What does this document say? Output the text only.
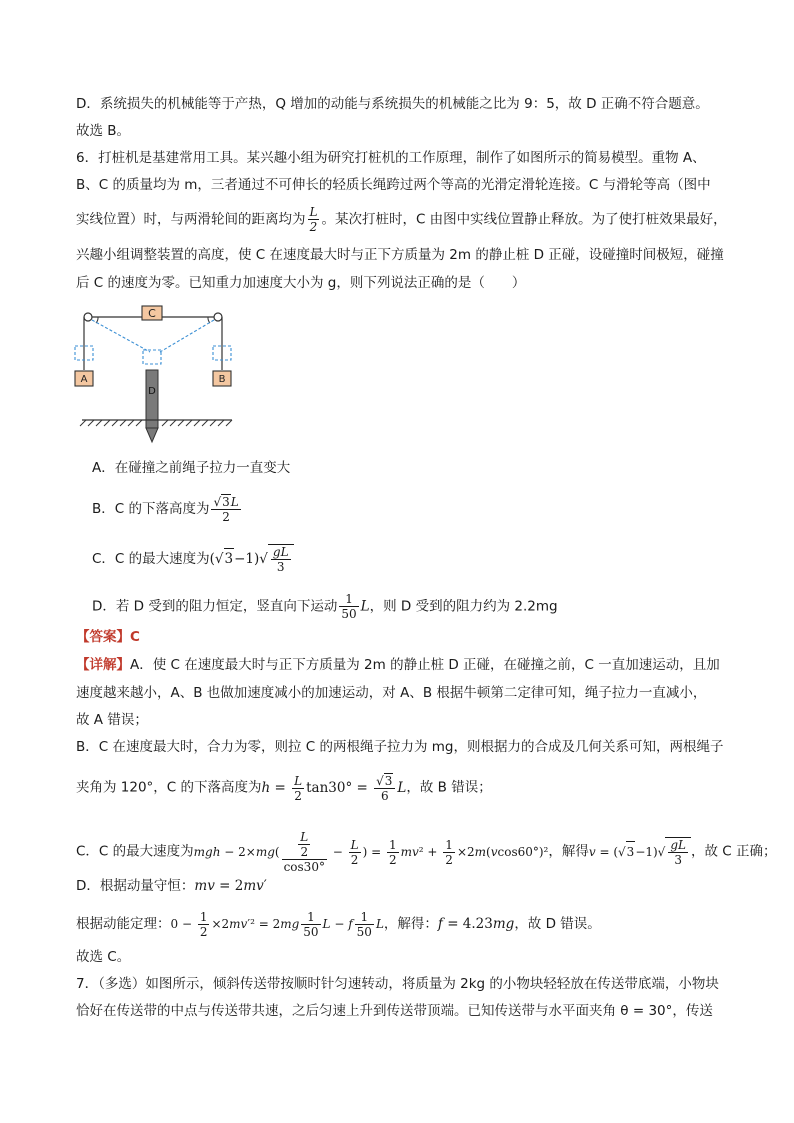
D．系统损失的机械能等于产热，Q 增加的动能与系统损失的机械能之比为 9：5，故 D 正确不符合题意。
故选 B。
6．打桩机是基建常用工具。某兴趣小组为研究打桩机的工作原理，制作了如图所示的简易模型。重物 A、
B、C 的质量均为 m，三者通过不可伸长的轻质长绳跨过两个等高的光滑定滑轮连接。C 与滑轮等高（图中
实线位置）时，与两滑轮间的距离均为 $\frac{L}{2}$ 。某次打桩时，C 由图中实线位置静止释放。为了使打桩效果最好，
兴趣小组调整装置的高度，使 C 在速度最大时与正下方质量为 2m 的静止桩 D 正碰，设碰撞时间极短，碰撞
后 C 的速度为零。已知重力加速度大小为 g，则下列说法正确的是（　　）
C
A	B
D
A．在碰撞之前绳子拉力一直变大
B．C 的下落高度为 $\frac{√3L}{2}$
C．C 的最大速度为$(√3-1)√ \frac{gL}{3}$
D．若 D 受到的阻力恒定，竖直向下运动 $\frac{1}{50}$ L，则 D 受到的阻力约为 2.2mg
【答案】C
【详解】A．使 C 在速度最大时与正下方质量为 2m 的静止桩 D 正碰，在碰撞之前，C 一直加速运动，且加
速度越来越小，A、B 也做加速度减小的加速运动，对 A、B 根据牛顿第二定律可知，绳子拉力一直减小，
故 A 错误；
B．C 在速度最大时，合力为零，则拉 C 的两根绳子拉力为 mg，则根据力的合成及几何关系可知，两根绳子
夹角为 120°，C 的下落高度为$h = \frac{L}{2} \tan 30^\circ = \frac{√3}{6}$ L，故 B 错误；
C．C 的最大速度为mgh − $2\times mg( \frac{\frac{L}{2}}{\cos 30^\circ} - \frac{L}{2}$ ) = $\frac{1}{2} mv^2 + \frac{1}{2} \times 2m(vcos60^\circ)^2$，解得$v = (√3-1)√ \frac{gL}{3}$ ，故 C 正确；
D．根据动量守恒：mv = 2mv′
根据动能定理：$0 - \frac{1}{2} \times 2mv'^2 = 2mg \frac{1}{50}$ L − f $\frac{1}{50}$ L，解得：f = 4.23mg，故 D 错误。
故选 C。
7．（多选）如图所示，倾斜传送带按顺时针匀速转动，将质量为 2kg 的小物块轻轻放在传送带底端，小物块
恰好在传送带的中点与传送带共速，之后匀速上升到传送带顶端。已知传送带与水平面夹角 θ = 30°，传送
